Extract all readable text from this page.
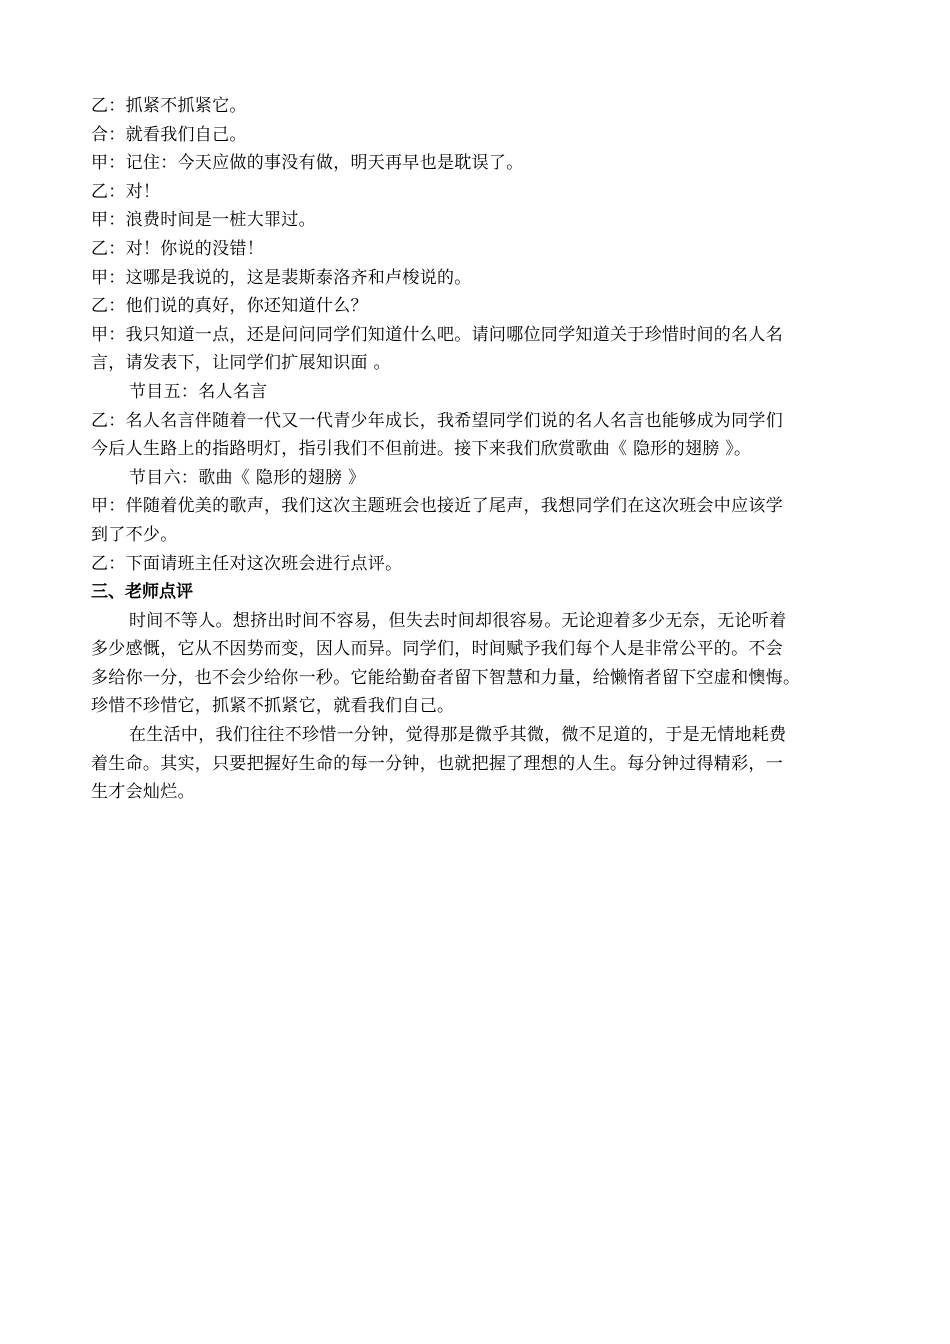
乙：抓紧不抓紧它。
合：就看我们自己。
甲：记住：今天应做的事没有做，明天再早也是耽误了。
乙：对！
甲：浪费时间是一桩大罪过。
乙：对！你说的没错！
甲：这哪是我说的，这是裴斯泰洛齐和卢梭说的。
乙：他们说的真好，你还知道什么？
甲：我只知道一点，还是问问同学们知道什么吧。请问哪位同学知道关于珍惜时间的名人名
言，请发表下，让同学们扩展知识面 。
节目五：名人名言
乙：名人名言伴随着一代又一代青少年成长，我希望同学们说的名人名言也能够成为同学们
今后人生路上的指路明灯，指引我们不但前进。接下来我们欣赏歌曲《 隐形的翅膀 》。
节目六：歌曲《 隐形的翅膀 》
甲：伴随着优美的歌声，我们这次主题班会也接近了尾声，我想同学们在这次班会中应该学
到了不少。
乙：下面请班主任对这次班会进行点评。
三、老师点评
时间不等人。想挤出时间不容易，但失去时间却很容易。无论迎着多少无奈，无论听着
多少感慨，它从不因势而变，因人而异。同学们，时间赋予我们每个人是非常公平的。不会
多给你一分，也不会少给你一秒。它能给勤奋者留下智慧和力量，给懒惰者留下空虚和懊悔。
珍惜不珍惜它，抓紧不抓紧它，就看我们自己。
在生活中，我们往往不珍惜一分钟，觉得那是微乎其微，微不足道的，于是无情地耗费
着生命。其实，只要把握好生命的每一分钟，也就把握了理想的人生。每分钟过得精彩，一
生才会灿烂。
